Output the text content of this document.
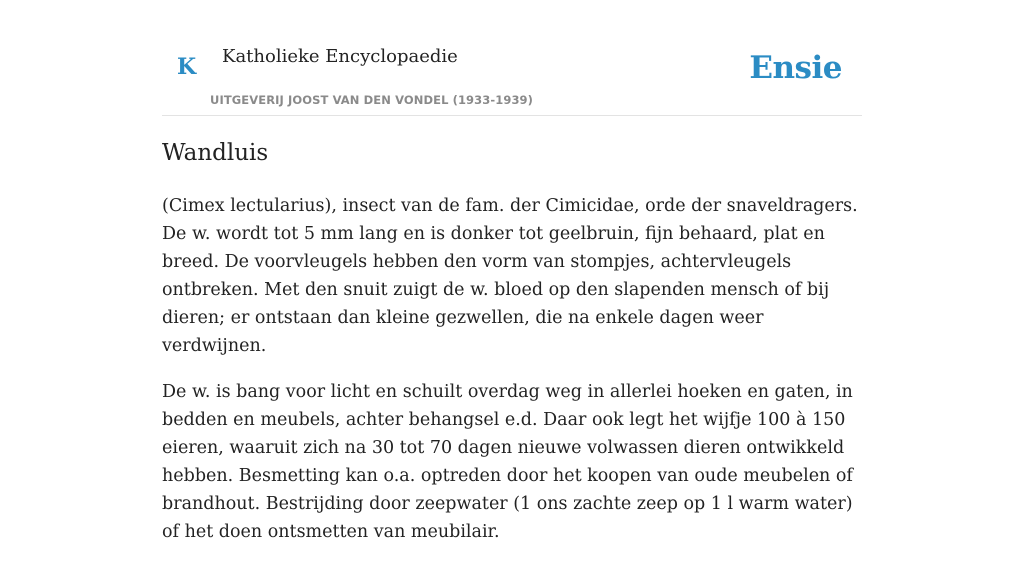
K Katholieke Encyclopaedie
UITGEVERIJ JOOST VAN DEN VONDEL (1933-1939)
Ensie
Wandluis

(Cimex lectularius), insect van de fam. der Cimicidae, orde der snaveldragers. De w. wordt tot 5 mm lang en is donker tot geelbruin, fijn behaard, plat en breed. De voorvleugels hebben den vorm van stompjes, achtervleugels ontbreken. Met den snuit zuigt de w. bloed op den slapenden mensch of bij dieren; er ontstaan dan kleine gezwellen, die na enkele dagen weer verdwijnen.

De w. is bang voor licht en schuilt overdag weg in allerlei hoeken en gaten, in bedden en meubels, achter behangsel e.d. Daar ook legt het wijfje 100 à 150 eieren, waaruit zich na 30 tot 70 dagen nieuwe volwassen dieren ontwikkeld hebben. Besmetting kan o.a. optreden door het koopen van oude meubelen of brandhout. Bestrijding door zeepwater (1 ons zachte zeep op 1 l warm water) of het doen ontsmetten van meubilair.
